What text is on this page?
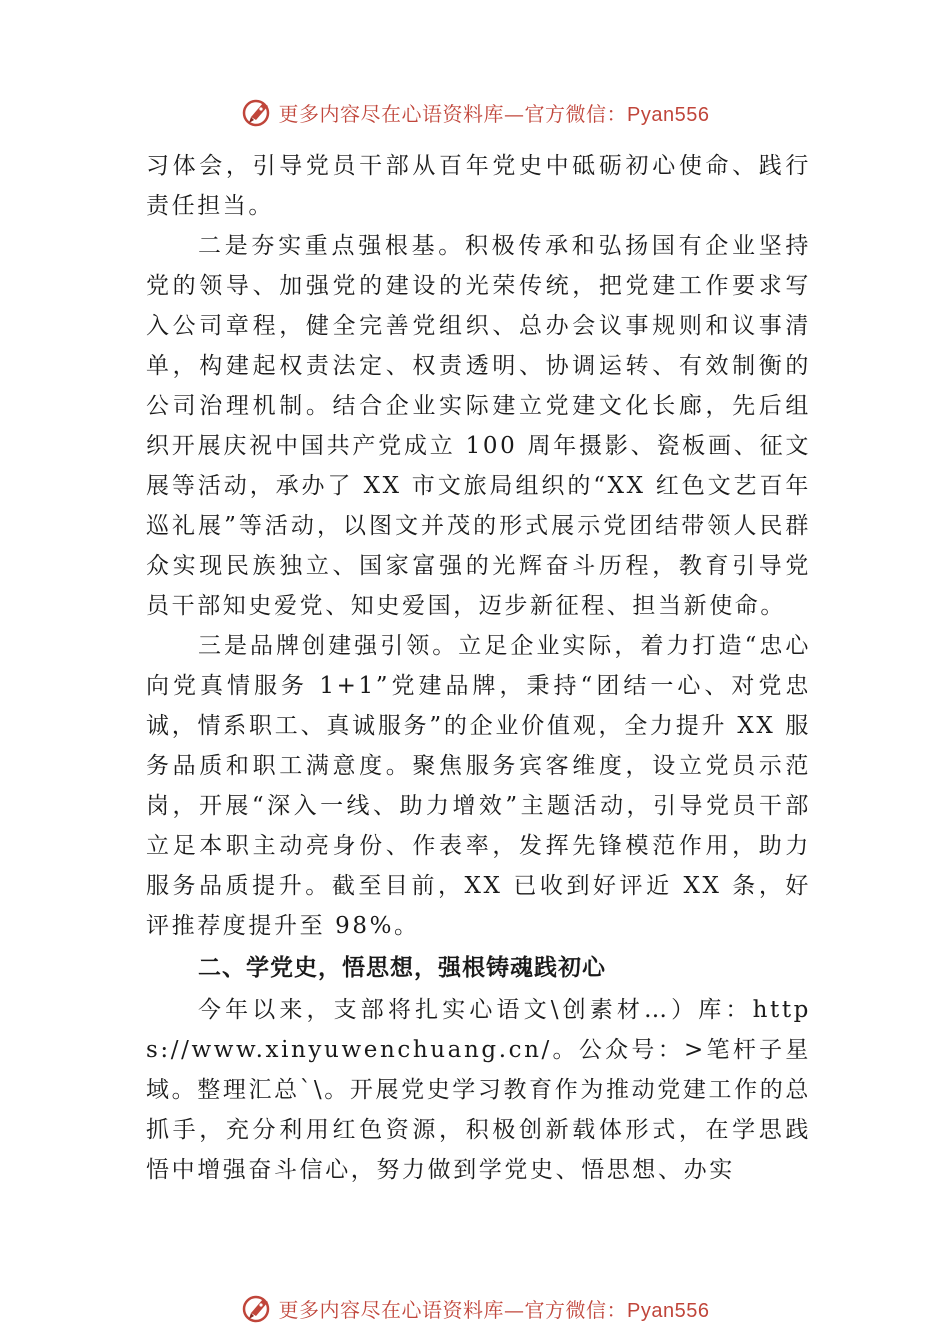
更多内容尽在心语资料库—官方微信：Pyan556

习体会，引导党员干部从百年党史中砥砺初心使命、践行责任担当。

二是夯实重点强根基。积极传承和弘扬国有企业坚持党的领导、加强党的建设的光荣传统，把党建工作要求写入公司章程，健全完善党组织、总办会议事规则和议事清单，构建起权责法定、权责透明、协调运转、有效制衡的公司治理机制。结合企业实际建立党建文化长廊，先后组织开展庆祝中国共产党成立 100 周年摄影、瓷板画、征文展等活动，承办了 XX 市文旅局组织的“XX 红色文艺百年巡礼展”等活动，以图文并茂的形式展示党团结带领人民群众实现民族独立、国家富强的光辉奋斗历程，教育引导党员干部知史爱党、知史爱国，迈步新征程、担当新使命。

三是品牌创建强引领。立足企业实际，着力打造“忠心向党真情服务 1+1”党建品牌，秉持“团结一心、对党忠诚，情系职工、真诚服务”的企业价值观，全力提升 XX 服务品质和职工满意度。聚焦服务宾客维度，设立党员示范岗，开展“深入一线、助力增效”主题活动，引导党员干部立足本职主动亮身份、作表率，发挥先锋模范作用，助力服务品质提升。截至目前，XX 已收到好评近 XX 条，好评推荐度提升至 98%。

二、学党史，悟思想，强根铸魂践初心

今年以来，支部将扎实心语文\创素材…）库：https://www.xinyuwenchuang.cn/。公众号：>笔杆子星域。整理汇总`\。开展党史学习教育作为推动党建工作的总抓手，充分利用红色资源，积极创新载体形式，在学思践悟中增强奋斗信心，努力做到学党史、悟思想、办实

更多内容尽在心语资料库—官方微信：Pyan556
